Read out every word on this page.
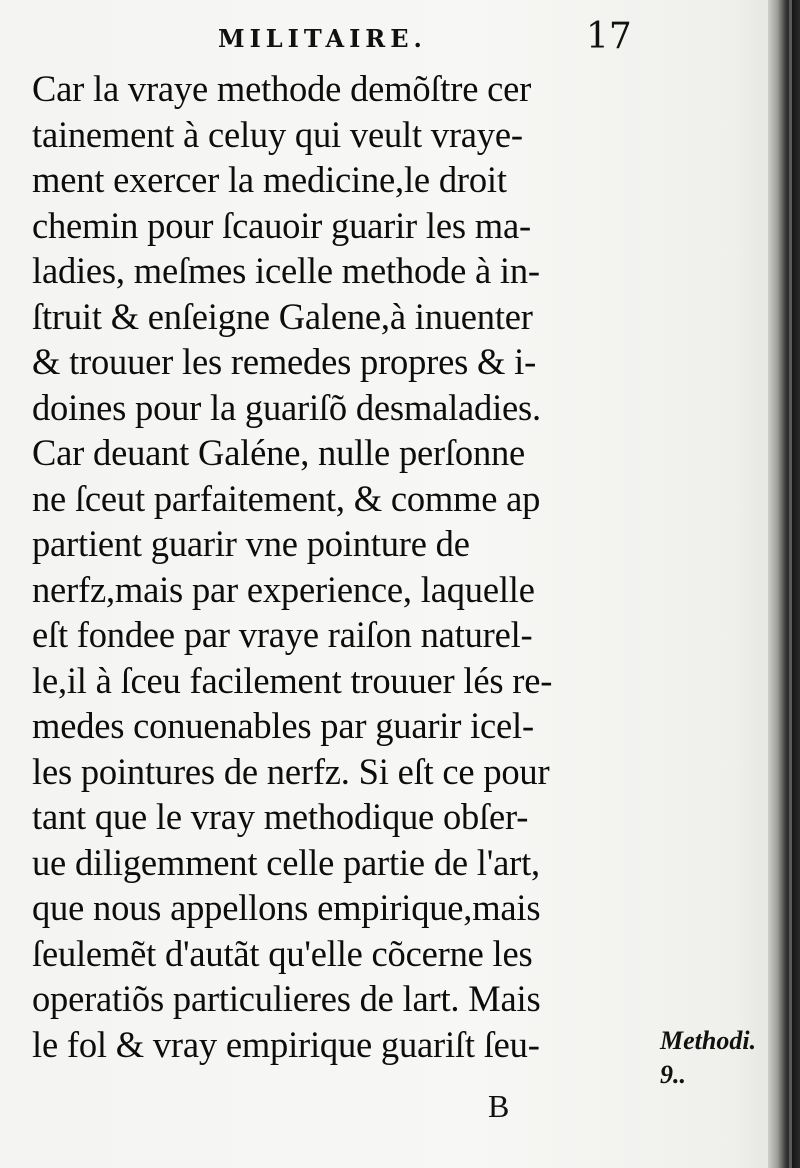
MILITAIRE.	17
Car la vraye methode demõſtre cer
tainement à celuy qui veult vraye-
ment exercer la medicine,le droit
chemin pour ſcauoir guarir les ma-
ladies, meſmes icelle methode à in-
ſtruit & enſeigne Galene,à inuenter
& trouuer les remedes propres & i-
doines pour la guariſõ desmaladies.
Car deuant Galéne, nulle perſonne
ne ſceut parfaitement, & comme ap
partient guarir vne pointure de
nerfz,mais par experience, laquelle
eſt fondee par vraye raiſon naturel-
le,il à ſceu facilement trouuer lés re-
medes conuenables par guarir icel-
les pointures de nerfz. Si eſt ce pour
tant que le vray methodique obſer-
ue diligemment celle partie de l'art,
que nous appellons empirique,mais
ſeulemẽt d'autãt qu'elle cõcerne les
operatiõs particulieres de lart. Mais
le fol & vray empirique guariſt ſeu-	Methodi.
9..
B
